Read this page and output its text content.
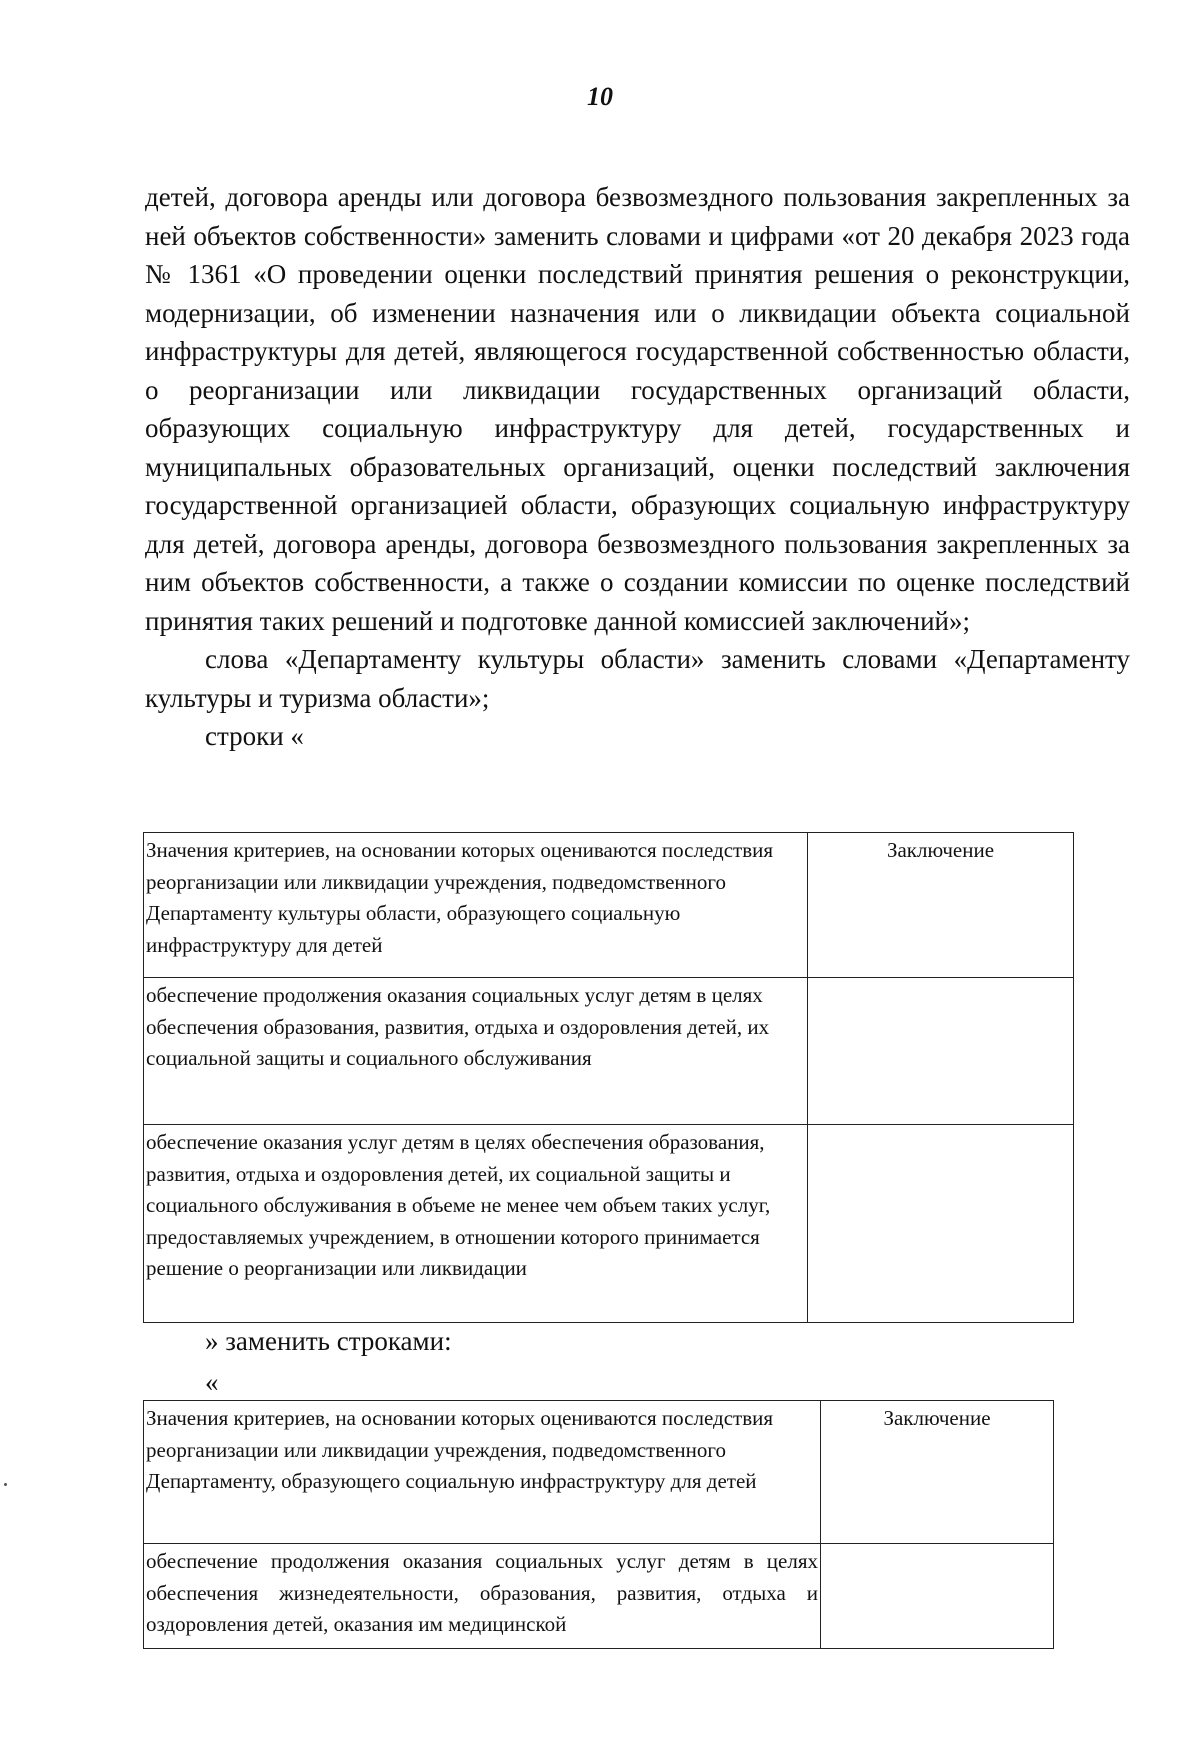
10

детей, договора аренды или договора безвозмездного пользования закрепленных за ней объектов собственности» заменить словами и цифрами «от 20 декабря 2023 года № 1361 «О проведении оценки последствий принятия решения о реконструкции, модернизации, об изменении назначения или о ликвидации объекта социальной инфраструктуры для детей, являющегося государственной собственностью области, о реорганизации или ликвидации государственных организаций области, образующих социальную инфраструктуру для детей, государственных и муниципальных образовательных организаций, оценки последствий заключения государственной организацией области, образующих социальную инфраструктуру для детей, договора аренды, договора безвозмездного пользования закрепленных за ним объектов собственности, а также о создании комиссии по оценке последствий принятия таких решений и подготовке данной комиссией заключений»;

слова «Департаменту культуры области» заменить словами «Департаменту культуры и туризма области»;

строки «

Значения критериев, на основании которых оцениваются последствия реорганизации или ликвидации учреждения, подведомственного Департаменту культуры области, образующего социальную инфраструктуру для детей	Заключение
обеспечение продолжения оказания социальных услуг детям в целях обеспечения образования, развития, отдыха и оздоровления детей, их социальной защиты и социального обслуживания	
обеспечение оказания услуг детям в целях обеспечения образования, развития, отдыха и оздоровления детей, их социальной защиты и социального обслуживания в объеме не менее чем объем таких услуг, предоставляемых учреждением, в отношении которого принимается решение о реорганизации или ликвидации	
» заменить строками:
«
Значения критериев, на основании которых оцениваются последствия реорганизации или ликвидации учреждения, подведомственного Департаменту, образующего социальную инфраструктуру для детей	Заключение
обеспечение продолжения оказания социальных услуг детям в целях обеспечения жизнедеятельности, образования, развития, отдыха и оздоровления детей, оказания им медицинской	
